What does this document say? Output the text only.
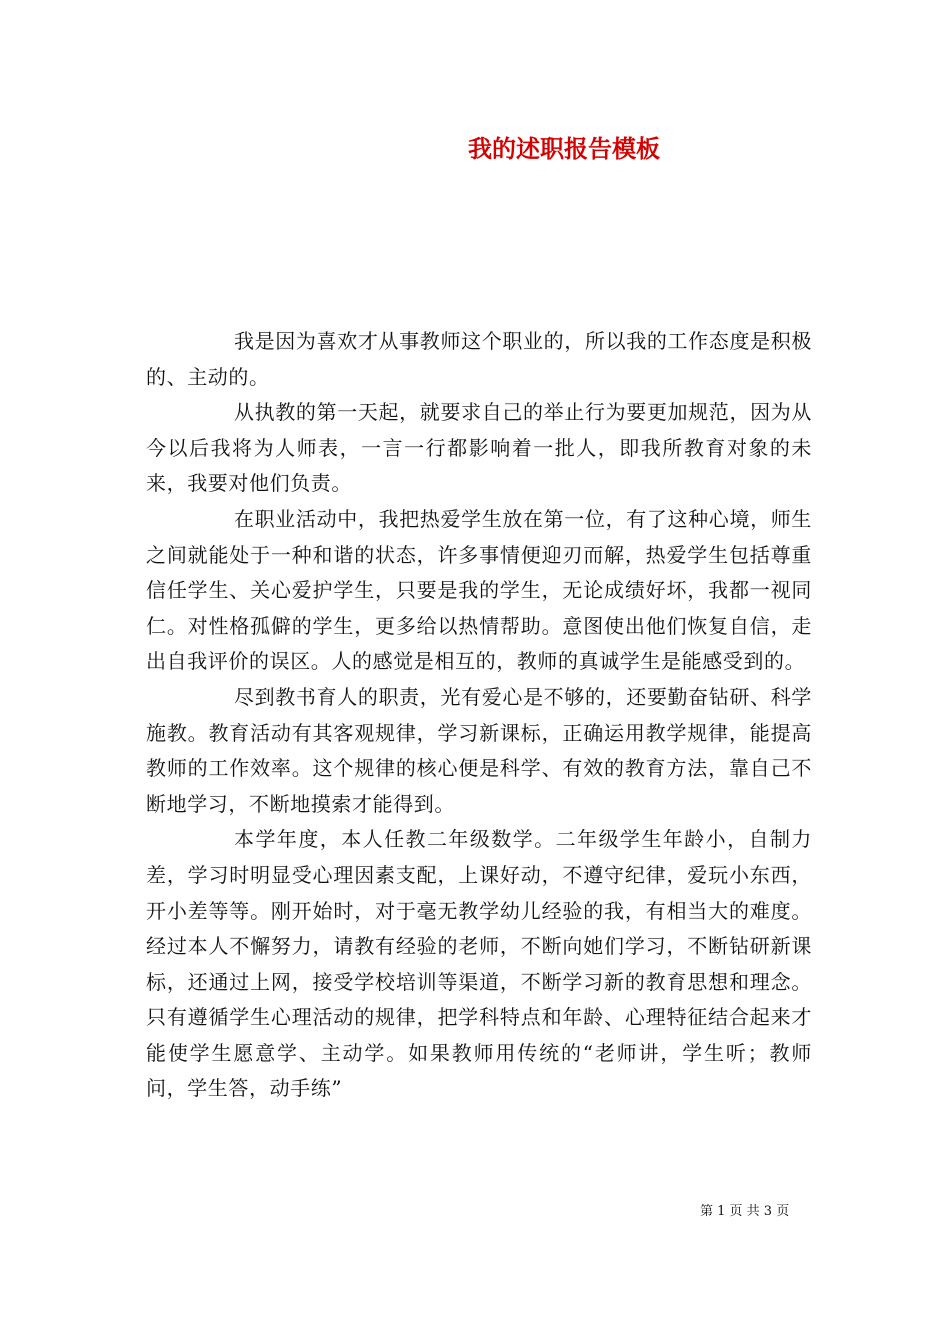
我的述职报告模板

我是因为喜欢才从事教师这个职业的，所以我的工作态度是积极的、主动的。

从执教的第一天起，就要求自己的举止行为要更加规范，因为从今以后我将为人师表，一言一行都影响着一批人，即我所教育对象的未来，我要对他们负责。

在职业活动中，我把热爱学生放在第一位，有了这种心境，师生之间就能处于一种和谐的状态，许多事情便迎刃而解，热爱学生包括尊重信任学生、关心爱护学生，只要是我的学生，无论成绩好坏，我都一视同仁。对性格孤僻的学生，更多给以热情帮助。意图使出他们恢复自信，走出自我评价的误区。人的感觉是相互的，教师的真诚学生是能感受到的。

尽到教书育人的职责，光有爱心是不够的，还要勤奋钻研、科学施教。教育活动有其客观规律，学习新课标，正确运用教学规律，能提高教师的工作效率。这个规律的核心便是科学、有效的教育方法，靠自己不断地学习，不断地摸索才能得到。

本学年度，本人任教二年级数学。二年级学生年龄小，自制力差，学习时明显受心理因素支配，上课好动，不遵守纪律，爱玩小东西，开小差等等。刚开始时，对于毫无教学幼儿经验的我，有相当大的难度。经过本人不懈努力，请教有经验的老师，不断向她们学习，不断钻研新课标，还通过上网，接受学校培训等渠道，不断学习新的教育思想和理念。只有遵循学生心理活动的规律，把学科特点和年龄、心理特征结合起来才能使学生愿意学、主动学。如果教师用传统的“老师讲，学生听；教师问，学生答，动手练”

第 1 页 共 3 页
